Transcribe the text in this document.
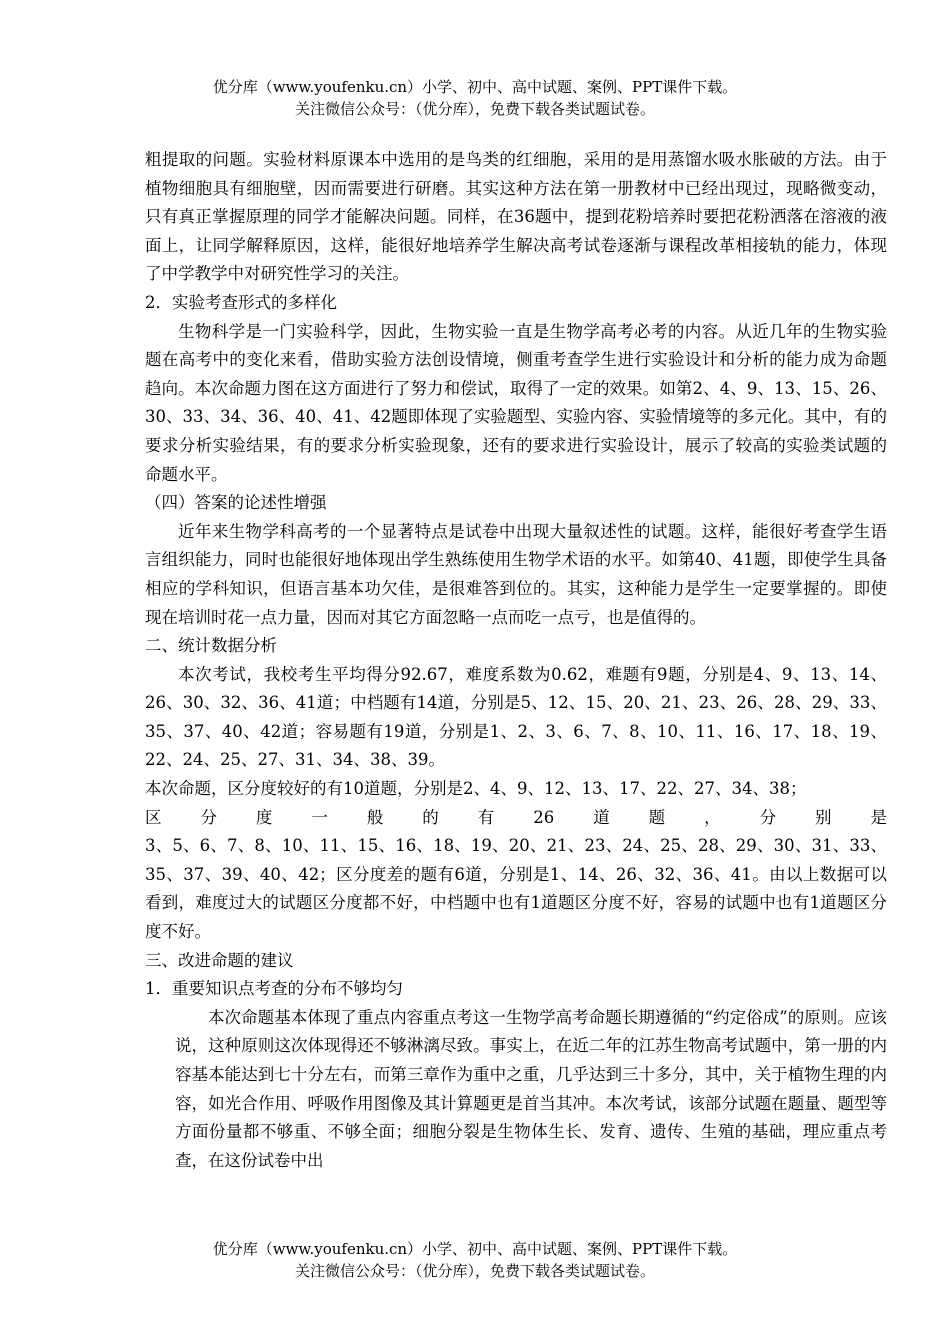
优分库（www.youfenku.cn）小学、初中、高中试题、案例、PPT课件下载。
关注微信公众号：（优分库），免费下载各类试题试卷。

粗提取的问题。实验材料原课本中选用的是鸟类的红细胞，采用的是用蒸馏水吸水胀破的方法。由于植物细胞具有细胞壁，因而需要进行研磨。其实这种方法在第一册教材中已经出现过，现略微变动，只有真正掌握原理的同学才能解决问题。同样，在36题中，提到花粉培养时要把花粉洒落在溶液的液面上，让同学解释原因，这样，能很好地培养学生解决高考试卷逐渐与课程改革相接轨的能力，体现了中学教学中对研究性学习的关注。

2．实验考查形式的多样化

生物科学是一门实验科学，因此，生物实验一直是生物学高考必考的内容。从近几年的生物实验题在高考中的变化来看，借助实验方法创设情境，侧重考查学生进行实验设计和分析的能力成为命题趋向。本次命题力图在这方面进行了努力和偿试，取得了一定的效果。如第2、4、9、13、15、26、30、33、34、36、40、41、42题即体现了实验题型、实验内容、实验情境等的多元化。其中，有的要求分析实验结果，有的要求分析实验现象，还有的要求进行实验设计，展示了较高的实验类试题的命题水平。

（四）答案的论述性增强

近年来生物学科高考的一个显著特点是试卷中出现大量叙述性的试题。这样，能很好考查学生语言组织能力，同时也能很好地体现出学生熟练使用生物学术语的水平。如第40、41题，即使学生具备相应的学科知识，但语言基本功欠佳，是很难答到位的。其实，这种能力是学生一定要掌握的。即使现在培训时花一点力量，因而对其它方面忽略一点而吃一点亏，也是值得的。

二、统计数据分析

本次考试，我校考生平均得分92.67，难度系数为0.62，难题有9题，分别是4、9、13、14、26、30、32、36、41道；中档题有14道，分别是5、12、15、20、21、23、26、28、29、33、35、37、40、42道；容易题有19道，分别是1、2、3、6、7、8、10、11、16、17、18、19、22、24、25、27、31、34、38、39。

本次命题，区分度较好的有10道题，分别是2、4、9、12、13、17、22、27、34、38；

区分度一般的有26道题，分别是

3、5、6、7、8、10、11、15、16、18、19、20、21、23、24、25、28、29、30、31、33、35、37、39、40、42；区分度差的题有6道，分别是1、14、26、32、36、41。由以上数据可以看到，难度过大的试题区分度都不好，中档题中也有1道题区分度不好，容易的试题中也有1道题区分度不好。

三、改进命题的建议

1．重要知识点考查的分布不够均匀

本次命题基本体现了重点内容重点考这一生物学高考命题长期遵循的“约定俗成”的原则。应该说，这种原则这次体现得还不够淋漓尽致。事实上，在近二年的江苏生物高考试题中，第一册的内容基本能达到七十分左右，而第三章作为重中之重，几乎达到三十多分，其中，关于植物生理的内容，如光合作用、呼吸作用图像及其计算题更是首当其冲。本次考试，该部分试题在题量、题型等方面份量都不够重、不够全面；细胞分裂是生物体生长、发育、遗传、生殖的基础，理应重点考查，在这份试卷中出

优分库（www.youfenku.cn）小学、初中、高中试题、案例、PPT课件下载。
关注微信公众号：（优分库），免费下载各类试题试卷。
